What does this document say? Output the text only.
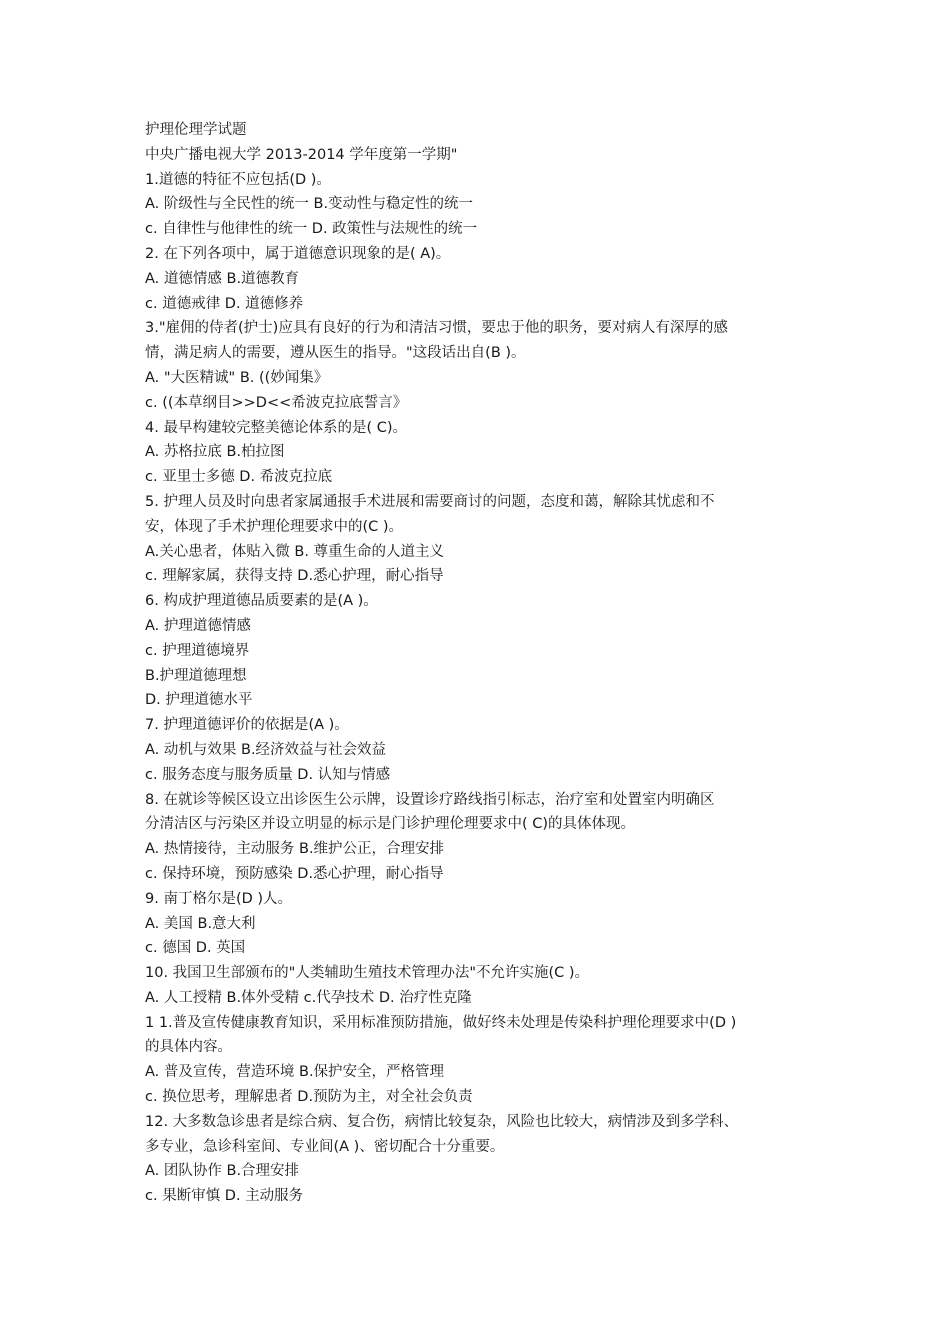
护理伦理学试题

中央广播电视大学 2013-2014 学年度第一学期"

1.道德的特征不应包括(D )。

A. 阶级性与全民性的统一 B.变动性与稳定性的统一

c. 自律性与他律性的统一 D. 政策性与法规性的统一

2. 在下列各项中，属于道德意识现象的是( A)。

A. 道德情感 B.道德教育

c. 道德戒律 D. 道德修养

3."雇佣的侍者(护士)应具有良好的行为和清洁习惯，要忠于他的职务，要对病人有深厚的感

情，满足病人的需要，遵从医生的指导。"这段话出自(B )。

A. "大医精诚" B. ((妙闻集》

c. ((本草纲目>>D<<希波克拉底誓言》

4. 最早构建较完整美德论体系的是( C)。

A. 苏格拉底 B.柏拉图

c. 亚里士多德 D. 希波克拉底

5. 护理人员及时向患者家属通报手术进展和需要商讨的问题，态度和蔼，解除其忧虑和不

安，体现了手术护理伦理要求中的(C )。

A.关心患者，体贴入微 B. 尊重生命的人道主义

c. 理解家属，获得支持 D.悉心护理，耐心指导

6. 构成护理道德品质要素的是(A )。

A. 护理道德情感

c. 护理道德境界

B.护理道德理想

D. 护理道德水平

7. 护理道德评价的依据是(A )。

A. 动机与效果 B.经济效益与社会效益

c. 服务态度与服务质量 D. 认知与情感

8. 在就诊等候区设立出诊医生公示牌，设置诊疗路线指引标志，治疗室和处置室内明确区

分清洁区与污染区并设立明显的标示是门诊护理伦理要求中( C)的具体体现。

A. 热情接待，主动服务 B.维护公正，合理安排

c. 保持环境，预防感染 D.悉心护理，耐心指导

9. 南丁格尔是(D )人。

A. 美国 B.意大利

c. 德国 D. 英国

10. 我国卫生部颁布的"人类辅助生殖技术管理办法"不允许实施(C )。

A. 人工授精 B.体外受精 c.代孕技术 D. 治疗性克隆

1 1.普及宣传健康教育知识，采用标准预防措施，做好终未处理是传染科护理伦理要求中(D )

的具体内容。

A. 普及宣传，营造环境 B.保护安全，严格管理

c. 换位思考，理解患者 D.预防为主，对全社会负责

12. 大多数急诊患者是综合病、复合伤，病情比较复杂，风险也比较大，病情涉及到多学科、

多专业，急诊科室间、专业间(A )、密切配合十分重要。

A. 团队协作 B.合理安排

c. 果断审慎 D. 主动服务
